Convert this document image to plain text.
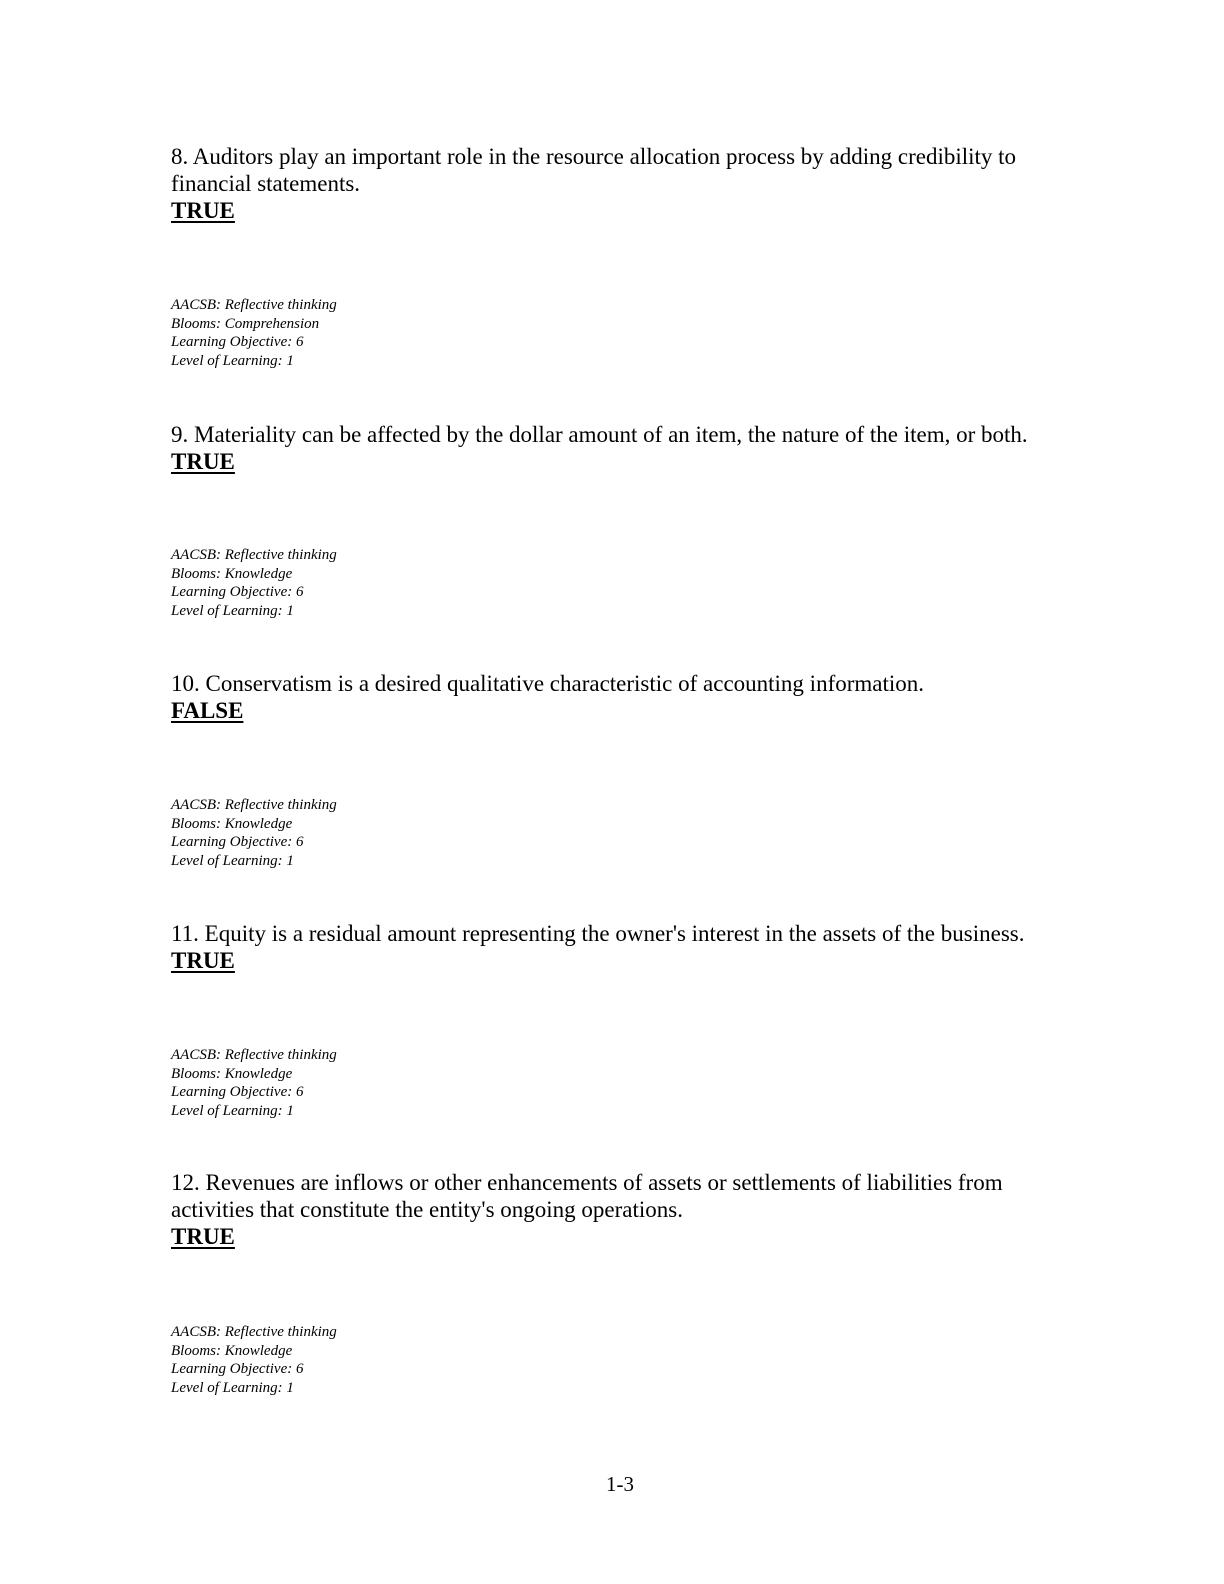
8. Auditors play an important role in the resource allocation process by adding credibility to financial statements.

TRUE

AACSB: Reflective thinking
Blooms: Comprehension
Learning Objective: 6
Level of Learning: 1

9. Materiality can be affected by the dollar amount of an item, the nature of the item, or both.

TRUE

AACSB: Reflective thinking
Blooms: Knowledge
Learning Objective: 6
Level of Learning: 1

10. Conservatism is a desired qualitative characteristic of accounting information.

FALSE

AACSB: Reflective thinking
Blooms: Knowledge
Learning Objective: 6
Level of Learning: 1

11. Equity is a residual amount representing the owner's interest in the assets of the business.

TRUE

AACSB: Reflective thinking
Blooms: Knowledge
Learning Objective: 6
Level of Learning: 1

12. Revenues are inflows or other enhancements of assets or settlements of liabilities from activities that constitute the entity's ongoing operations.

TRUE

AACSB: Reflective thinking
Blooms: Knowledge
Learning Objective: 6
Level of Learning: 1
1-3
